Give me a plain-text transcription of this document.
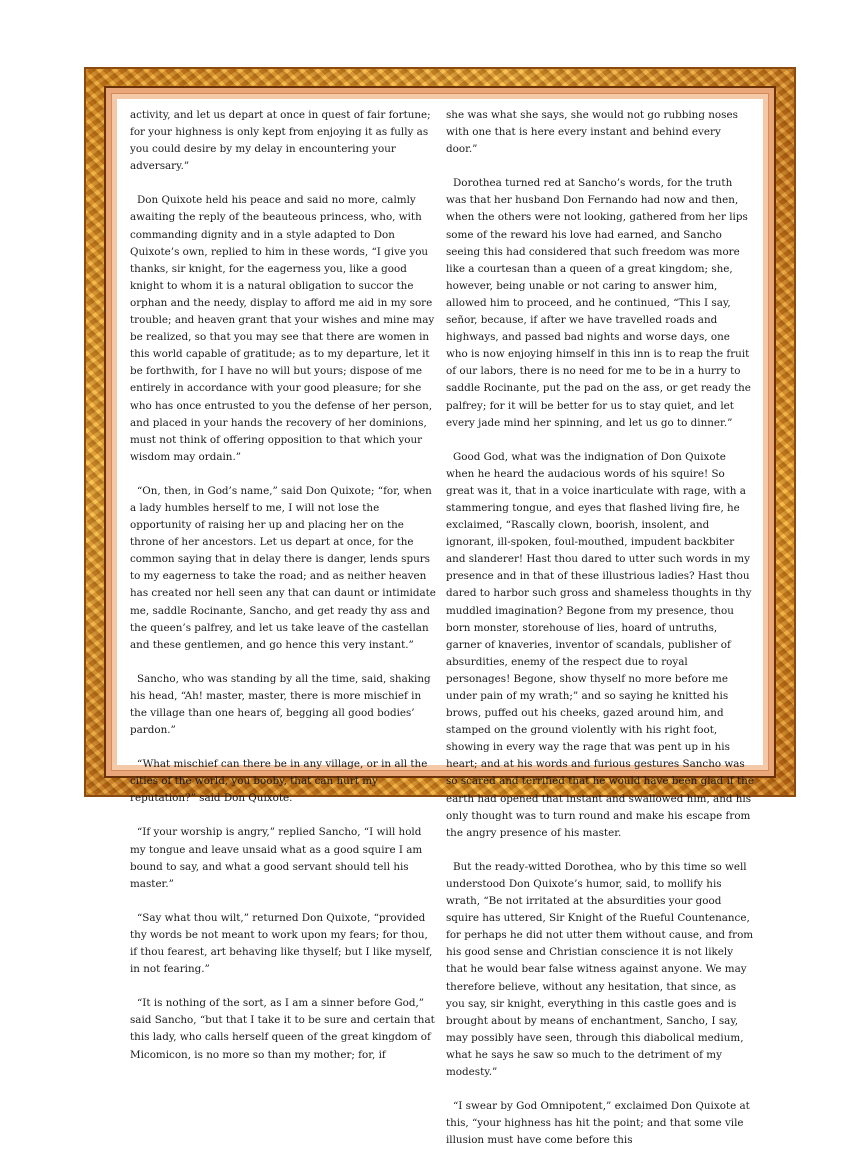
activity, and let us depart at once in quest of fair fortune; for your highness is only kept from enjoying it as fully as you could desire by my delay in encountering your adversary.”

Don Quixote held his peace and said no more, calmly awaiting the reply of the beauteous princess, who, with commanding dignity and in a style adapted to Don Quixote’s own, replied to him in these words, “I give you thanks, sir knight, for the eagerness you, like a good knight to whom it is a natural obligation to succor the orphan and the needy, display to afford me aid in my sore trouble; and heaven grant that your wishes and mine may be realized, so that you may see that there are women in this world capable of gratitude; as to my departure, let it be forthwith, for I have no will but yours; dispose of me entirely in accordance with your good pleasure; for she who has once entrusted to you the defense of her person, and placed in your hands the recovery of her dominions, must not think of offering opposition to that which your wisdom may ordain.”

“On, then, in God’s name,” said Don Quixote; “for, when a lady humbles herself to me, I will not lose the opportunity of raising her up and placing her on the throne of her ancestors. Let us depart at once, for the common saying that in delay there is danger, lends spurs to my eagerness to take the road; and as neither heaven has created nor hell seen any that can daunt or intimidate me, saddle Rocinante, Sancho, and get ready thy ass and the queen’s palfrey, and let us take leave of the castellan and these gentlemen, and go hence this very instant.”

Sancho, who was standing by all the time, said, shaking his head, “Ah! master, master, there is more mischief in the village than one hears of, begging all good bodies’ pardon.”

“What mischief can there be in any village, or in all the cities of the world, you booby, that can hurt my reputation?” said Don Quixote.

“If your worship is angry,” replied Sancho, “I will hold my tongue and leave unsaid what as a good squire I am bound to say, and what a good servant should tell his master.”

“Say what thou wilt,” returned Don Quixote, “provided thy words be not meant to work upon my fears; for thou, if thou fearest, art behaving like thyself; but I like myself, in not fearing.”

“It is nothing of the sort, as I am a sinner before God,” said Sancho, “but that I take it to be sure and certain that this lady, who calls herself queen of the great kingdom of Micomicon, is no more so than my mother; for, if

she was what she says, she would not go rubbing noses with one that is here every instant and behind every door.”

Dorothea turned red at Sancho’s words, for the truth was that her husband Don Fernando had now and then, when the others were not looking, gathered from her lips some of the reward his love had earned, and Sancho seeing this had considered that such freedom was more like a courtesan than a queen of a great kingdom; she, however, being unable or not caring to answer him, allowed him to proceed, and he continued, “This I say, señor, because, if after we have travelled roads and highways, and passed bad nights and worse days, one who is now enjoying himself in this inn is to reap the fruit of our labors, there is no need for me to be in a hurry to saddle Rocinante, put the pad on the ass, or get ready the palfrey; for it will be better for us to stay quiet, and let every jade mind her spinning, and let us go to dinner.”

Good God, what was the indignation of Don Quixote when he heard the audacious words of his squire! So great was it, that in a voice inarticulate with rage, with a stammering tongue, and eyes that flashed living fire, he exclaimed, “Rascally clown, boorish, insolent, and ignorant, ill-spoken, foul-mouthed, impudent backbiter and slanderer! Hast thou dared to utter such words in my presence and in that of these illustrious ladies? Hast thou dared to harbor such gross and shameless thoughts in thy muddled imagination? Begone from my presence, thou born monster, storehouse of lies, hoard of untruths, garner of knaveries, inventor of scandals, publisher of absurdities, enemy of the respect due to royal personages! Begone, show thyself no more before me under pain of my wrath;” and so saying he knitted his brows, puffed out his cheeks, gazed around him, and stamped on the ground violently with his right foot, showing in every way the rage that was pent up in his heart; and at his words and furious gestures Sancho was so scared and terrified that he would have been glad if the earth had opened that instant and swallowed him, and his only thought was to turn round and make his escape from the angry presence of his master.

But the ready-witted Dorothea, who by this time so well understood Don Quixote’s humor, said, to mollify his wrath, “Be not irritated at the absurdities your good squire has uttered, Sir Knight of the Rueful Countenance, for perhaps he did not utter them without cause, and from his good sense and Christian conscience it is not likely that he would bear false witness against anyone. We may therefore believe, without any hesitation, that since, as you say, sir knight, everything in this castle goes and is brought about by means of enchantment, Sancho, I say, may possibly have seen, through this diabolical medium, what he says he saw so much to the detriment of my modesty.”

“I swear by God Omnipotent,” exclaimed Don Quixote at this, “your highness has hit the point; and that some vile illusion must have come before this
